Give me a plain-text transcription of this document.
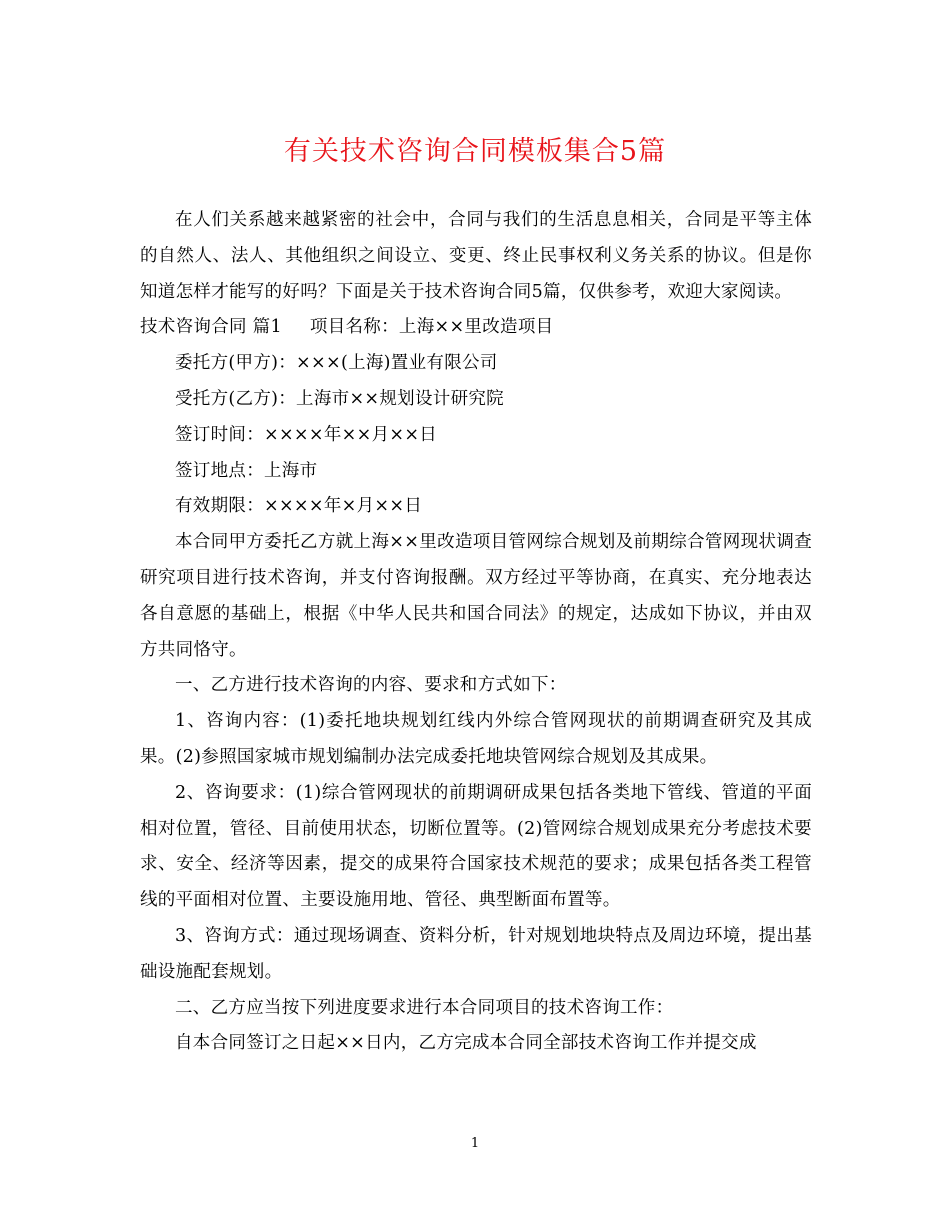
有关技术咨询合同模板集合5篇

在人们关系越来越紧密的社会中，合同与我们的生活息息相关，合同是平等主体的自然人、法人、其他组织之间设立、变更、终止民事权利义务关系的协议。但是你知道怎样才能写的好吗？下面是关于技术咨询合同5篇，仅供参考，欢迎大家阅读。

技术咨询合同 篇1 项目名称：上海××里改造项目

委托方(甲方)：×××(上海)置业有限公司

受托方(乙方)：上海市××规划设计研究院

签订时间：××××年××月××日

签订地点：上海市

有效期限：××××年×月××日

本合同甲方委托乙方就上海××里改造项目管网综合规划及前期综合管网现状调查研究项目进行技术咨询，并支付咨询报酬。双方经过平等协商，在真实、充分地表达各自意愿的基础上，根据《中华人民共和国合同法》的规定，达成如下协议，并由双方共同恪守。

一、乙方进行技术咨询的内容、要求和方式如下：

1、咨询内容：(1)委托地块规划红线内外综合管网现状的前期调查研究及其成果。(2)参照国家城市规划编制办法完成委托地块管网综合规划及其成果。

2、咨询要求：(1)综合管网现状的前期调研成果包括各类地下管线、管道的平面相对位置，管径、目前使用状态，切断位置等。(2)管网综合规划成果充分考虑技术要求、安全、经济等因素，提交的成果符合国家技术规范的要求；成果包括各类工程管线的平面相对位置、主要设施用地、管径、典型断面布置等。

3、咨询方式：通过现场调查、资料分析，针对规划地块特点及周边环境，提出基础设施配套规划。

二、乙方应当按下列进度要求进行本合同项目的技术咨询工作：

自本合同签订之日起××日内，乙方完成本合同全部技术咨询工作并提交成

1
